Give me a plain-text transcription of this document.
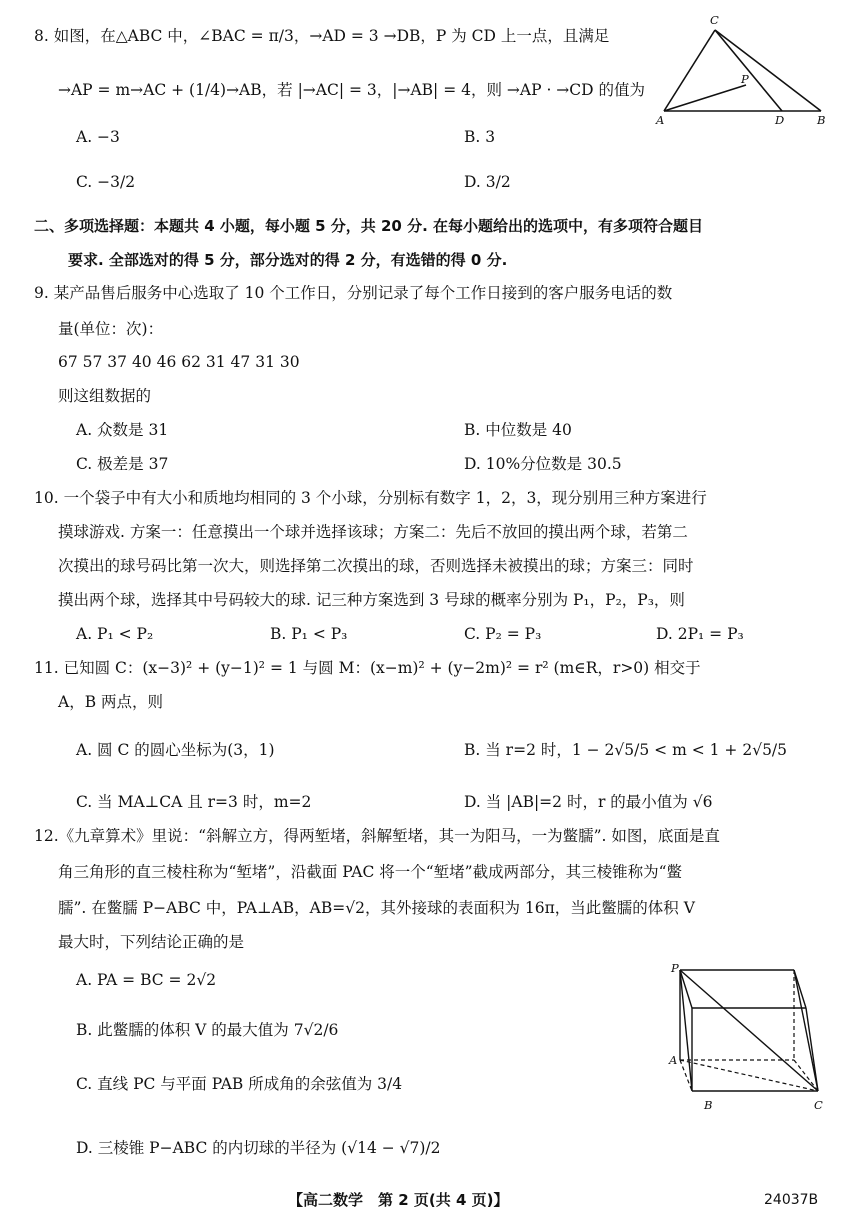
8. 如图，在△ABC 中，∠BAC = π/3，→AD = 3 →DB，P 为 CD 上一点，且满足
→AP = m→AC + (1/4)→AB，若 |→AC| = 3，|→AB| = 4，则 →AP · →CD 的值为
A. −3	B. 3
C. −3/2	D. 3/2
C
P
A	D	B
二、多项选择题：本题共 4 小题，每小题 5 分，共 20 分. 在每小题给出的选项中，有多项符合题目
要求. 全部选对的得 5 分，部分选对的得 2 分，有选错的得 0 分.
9. 某产品售后服务中心选取了 10 个工作日，分别记录了每个工作日接到的客户服务电话的数
量(单位：次)：
67 57 37 40 46 62 31 47 31 30
则这组数据的
A. 众数是 31	B. 中位数是 40
C. 极差是 37	D. 10%分位数是 30.5
10. 一个袋子中有大小和质地均相同的 3 个小球，分别标有数字 1，2，3，现分别用三种方案进行
摸球游戏. 方案一：任意摸出一个球并选择该球；方案二：先后不放回的摸出两个球，若第二
次摸出的球号码比第一次大，则选择第二次摸出的球，否则选择未被摸出的球；方案三：同时
摸出两个球，选择其中号码较大的球. 记三种方案选到 3 号球的概率分别为 P₁，P₂，P₃，则
A. P₁ < P₂	B. P₁ < P₃	C. P₂ = P₃	D. 2P₁ = P₃
11. 已知圆 C：(x−3)² + (y−1)² = 1 与圆 M：(x−m)² + (y−2m)² = r² (m∈R，r>0) 相交于
A，B 两点，则
A. 圆 C 的圆心坐标为(3，1)	B. 当 r=2 时，1 − 2√5/5 < m < 1 + 2√5/5
C. 当 MA⊥CA 且 r=3 时，m=2	D. 当 |AB|=2 时，r 的最小值为 √6
12.《九章算术》里说：“斜解立方，得两堑堵，斜解堑堵，其一为阳马，一为鳖臑”. 如图，底面是直
角三角形的直三棱柱称为“堑堵”，沿截面 PAC 将一个“堑堵”截成两部分，其三棱锥称为“鳖
臑”. 在鳖臑 P−ABC 中，PA⊥AB，AB=√2，其外接球的表面积为 16π，当此鳖臑的体积 V
最大时，下列结论正确的是
A. PA = BC = 2√2
B. 此鳖臑的体积 V 的最大值为 7√2/6
C. 直线 PC 与平面 PAB 所成角的余弦值为 3/4
D. 三棱锥 P−ABC 的内切球的半径为 (√14 − √7)/2
P
A
B	C
【高二数学　第 2 页(共 4 页)】	24037B
